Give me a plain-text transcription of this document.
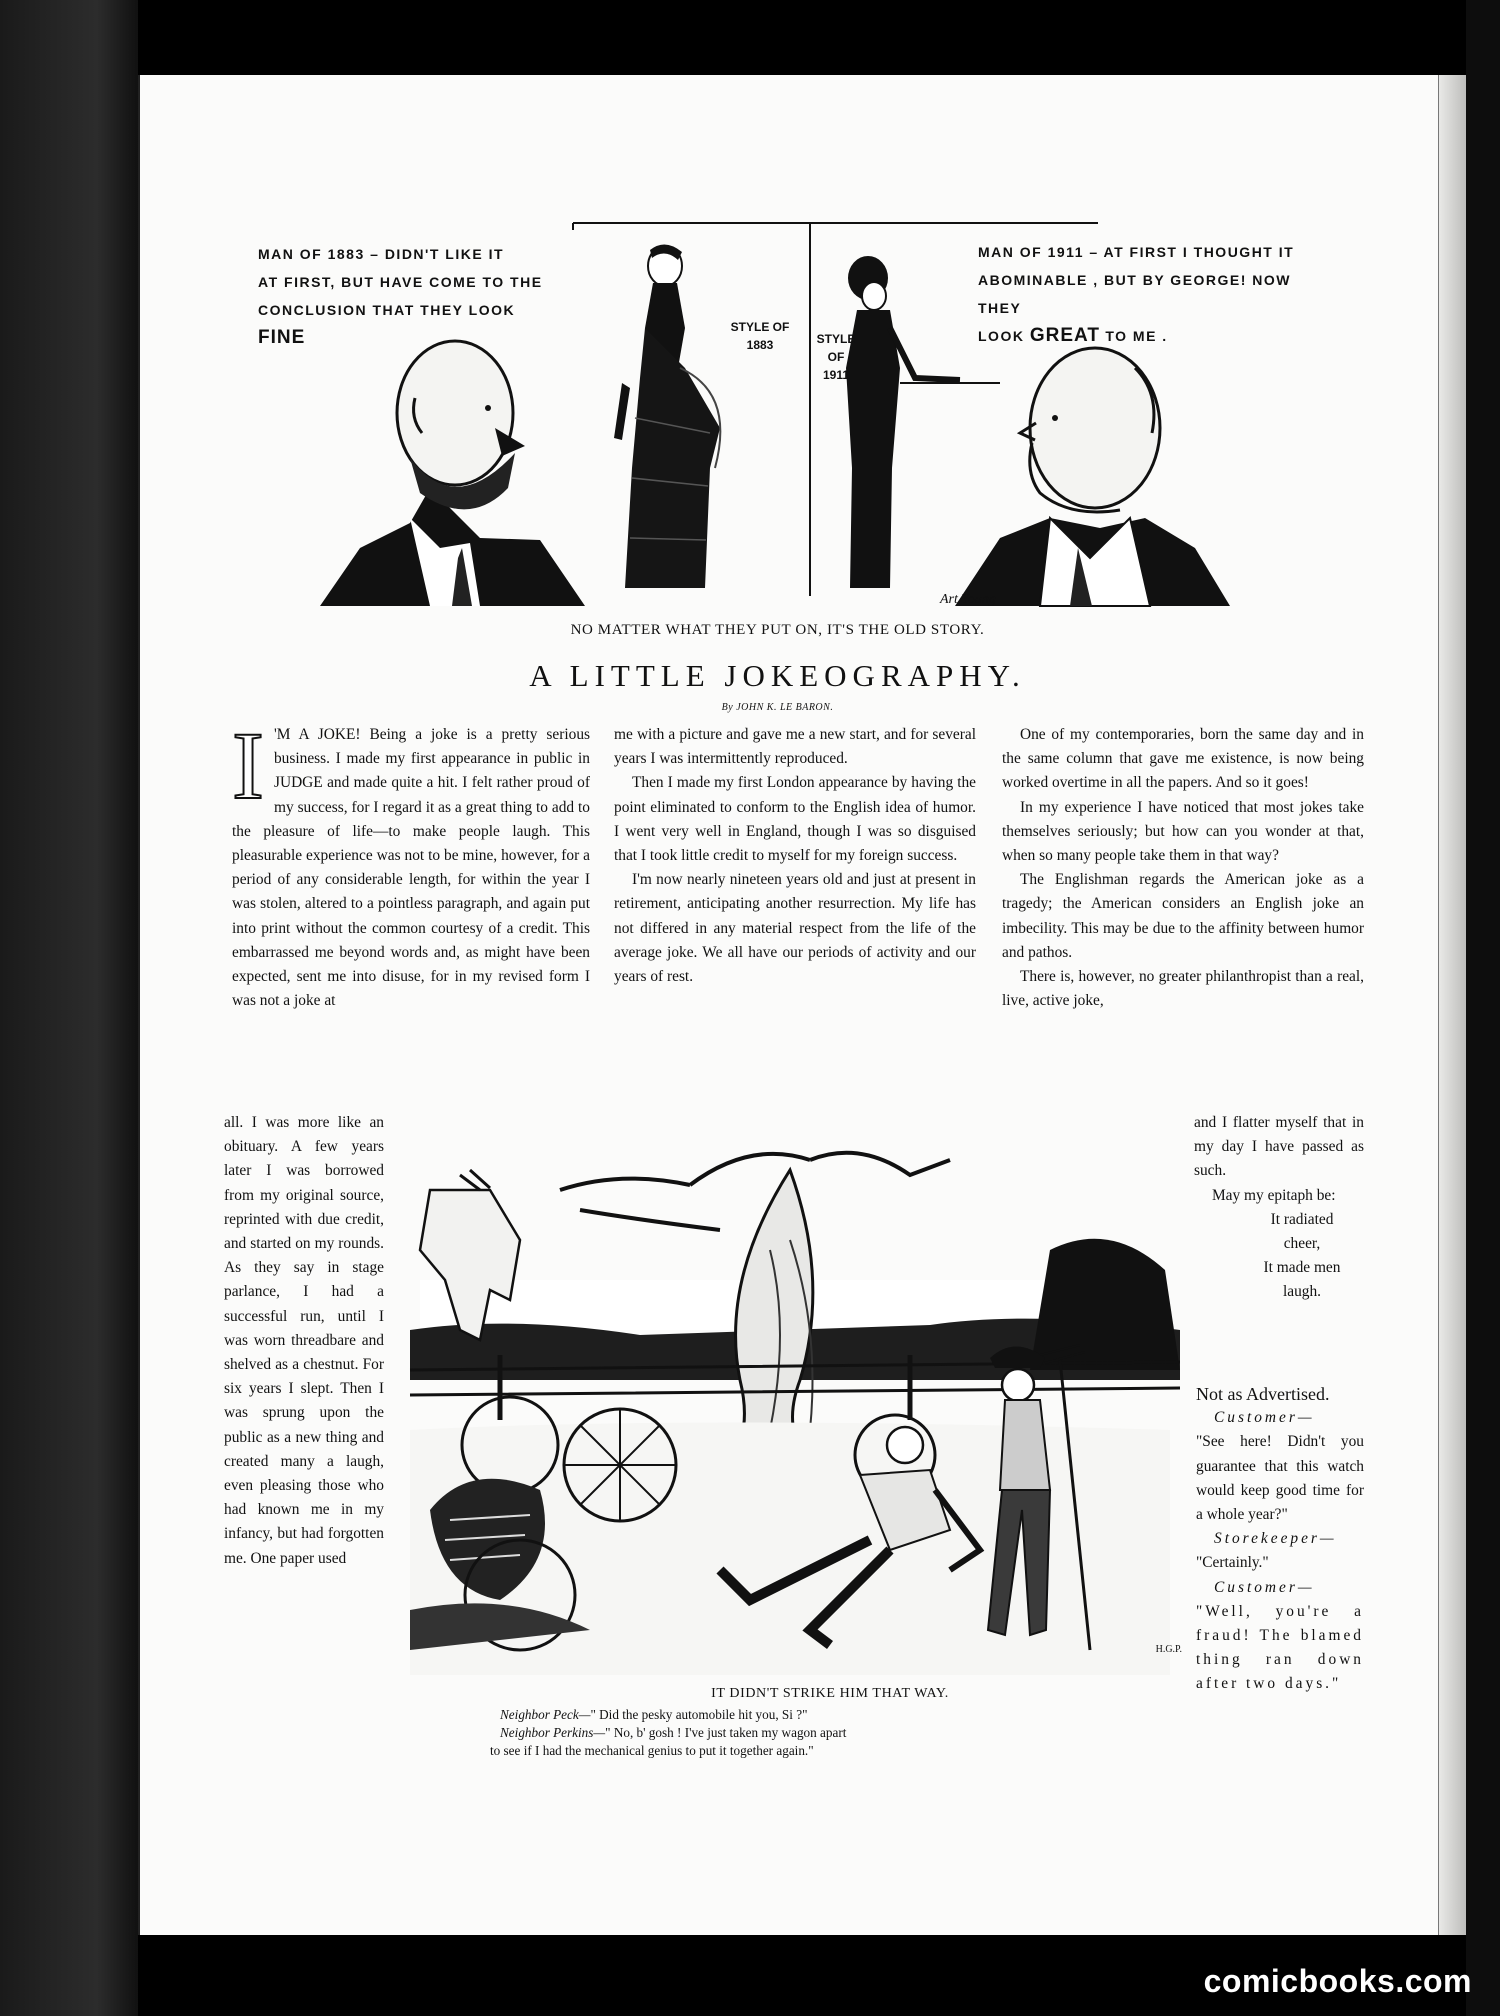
MAN OF 1883 – DIDN'T LIKE IT
AT FIRST, BUT HAVE COME TO THE
CONCLUSION THAT THEY LOOK
FINE
MAN OF 1911 – AT FIRST I THOUGHT IT
ABOMINABLE , BUT BY GEORGE! NOW THEY
LOOK GREAT TO ME .
STYLE OF
1883	STYLE
OF
1911
Art Young
NO MATTER WHAT THEY PUT ON, IT'S THE OLD STORY.
A LITTLE JOKEOGRAPHY.
By JOHN K. LE BARON.

I 'M A JOKE! Being a joke is a pretty serious business. I made my first appearance in public in JUDGE and made quite a hit. I felt rather proud of my success, for I regard it as a great thing to add to the pleasure of life—to make people laugh. This pleasurable experience was not to be mine, however, for a period of any considerable length, for within the year I was stolen, altered to a pointless paragraph, and again put into print without the common courtesy of a credit. This embarrassed me beyond words and, as might have been expected, sent me into disuse, for in my revised form I was not a joke at

all. I was more like an obituary. A few years later I was borrowed from my original source, reprinted with due credit, and started on my rounds. As they say in stage parlance, I had a successful run, until I was worn threadbare and shelved as a chestnut. For six years I slept. Then I was sprung upon the public as a new thing and created many a laugh, even pleasing those who had known me in my infancy, but had forgotten me. One paper used

me with a picture and gave me a new start, and for several years I was intermittently reproduced.

Then I made my first London appearance by having the point eliminated to conform to the English idea of humor. I went very well in England, though I was so disguised that I took little credit to myself for my foreign success.

I'm now nearly nineteen years old and just at present in retirement, anticipating another resurrection. My life has not differed in any material respect from the life of the average joke. We all have our periods of activity and our years of rest.

One of my contemporaries, born the same day and in the same column that gave me existence, is now being worked overtime in all the papers. And so it goes!

In my experience I have noticed that most jokes take themselves seriously; but how can you wonder at that, when so many people take them in that way?

The Englishman regards the American joke as a tragedy; the American considers an English joke an imbecility. This may be due to the affinity between humor and pathos.

There is, however, no greater philanthropist than a real, live, active joke,

and I flatter myself that in my day I have passed as such.

May my epitaph be:

It radiated
cheer,
It made men
laugh.
Not as Advertised.

Customer—

"See here! Didn't you guarantee that this watch would keep good time for a whole year?"

Storekeeper—

"Certainly."

Customer—

"Well, you're a fraud! The blamed thing ran down after two days."

H.G.P.
IT DIDN'T STRIKE HIM THAT WAY.
Neighbor Peck—" Did the pesky automobile hit you, Si ?"
Neighbor Perkins—" No, b' gosh ! I've just taken my wagon apart
to see if I had the mechanical genius to put it together again."
comicbooks.com
